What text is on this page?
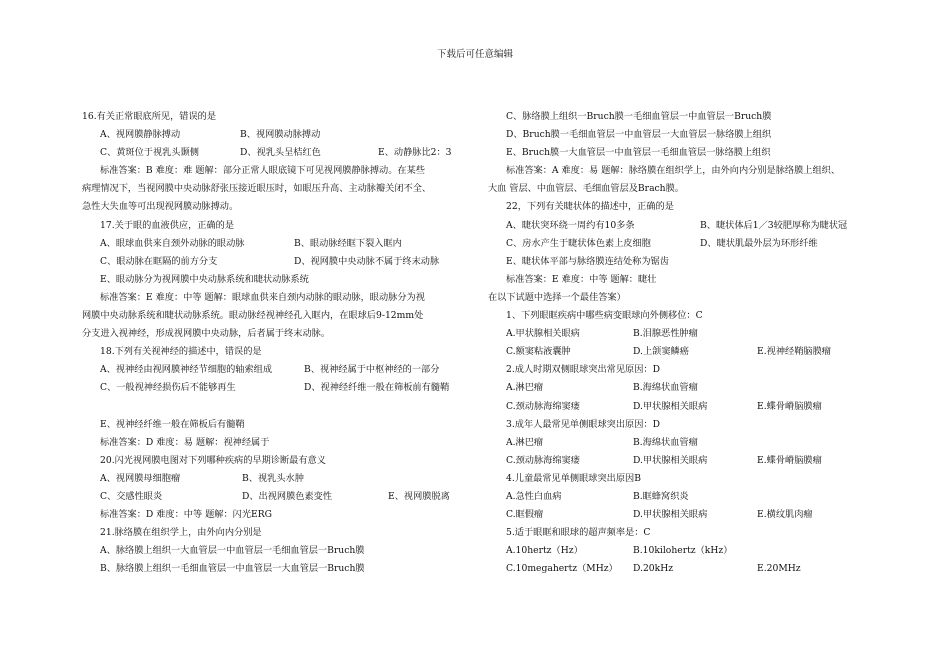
下载后可任意编辑
16.有关正常眼底所见，错误的是
A、视网膜静脉搏动	B、视网膜动脉搏动
C、黄斑位于视乳头颞侧	D、视乳头呈桔红色	E、动静脉比2：3
标准答案：B 难度：难 题解：部分正常人眼底镜下可见视网膜静脉搏动。在某些
病理情况下，当视网膜中央动脉舒张压接近眼压时，如眼压升高、主动脉瓣关闭不全、
急性大失血等可出现视网膜动脉搏动。
17.关于眼的血液供应，正确的是
A、眼球血供来自颈外动脉的眼动脉	B、眼动脉经眶下裂入眶内
C、眼动脉在眶隔的前方分支	D、视网膜中央动脉不属于终末动脉
E、眼动脉分为视网膜中央动脉系统和睫状动脉系统
标准答案：E 难度：中等 题解：眼球血供来自颈内动脉的眼动脉，眼动脉分为视
网膜中央动脉系统和睫状动脉系统。眼动脉经视神经孔入眶内，在眼球后9-12mm处
分支进入视神经，形成视网膜中央动脉，后者属于终末动脉。
18.下列有关视神经的描述中，错误的是
A、视神经由视网膜神经节细胞的轴索组成	B、视神经属于中枢神经的一部分
C、一般视神经损伤后不能够再生	D、视神经纤维一般在筛板前有髓鞘
E、视神经纤维一般在筛板后有髓鞘
标准答案：D 难度：易 题解：视神经属于
20.闪光视网膜电图对下列哪种疾病的早期诊断最有意义
A、视网膜母细胞瘤	B、视乳头水肿
C、交感性眼炎	D、出视网膜色素变性	E、视网膜脱离
标准答案：D 难度：中等 题解：闪光ERG
21.脉络膜在组织学上，由外向内分别是
A、脉络膜上组织一大血管层一中血管层一毛细血管层一Bruch膜
B、脉络膜上组织一毛细血管层一中血管层一大血管层一Bruch膜
C、脉络膜上组织一Bruch膜一毛细血管层一中血管层一Bruch膜
D、Bruch膜一毛细血管层一中血管层一大血管层一脉络膜上组织
E、Bruch膜一大血管层一中血管层一毛细血管层一脉络膜上组织
标准答案：A 难度：易 题解：脉络膜在组织学上，由外向内分别是脉络膜上组织、
大血 管层、中血管层、毛细血管层及Brach膜。
22，下列有关睫状体的描述中，正确的是
A、睫状突环绕一周约有10多条	B、睫状体后1／3较肥厚称为睫状冠
C、房水产生于睫状体色素上皮细胞	D、睫状肌最外层为环形纤维
E、睫状体平部与脉络膜连结处称为锯齿
标准答案：E 难度：中等 题解：睫壮
在以下试题中选择一个最佳答案）
1、下列眼眶疾病中哪些病变眼球向外侧移位：C
A.甲状腺相关眼病	B.泪腺恶性肿瘤
C.额窦粘液囊肿	D.上颌窦鳞癌	E.视神经鞘脑膜瘤
2.成人时期双侧眼球突出常见原因：D
A.淋巴瘤	B.海绵状血管瘤
C.颈动脉海绵窦瘘	D.甲状腺相关眼病	E.蝶骨嵴脑膜瘤
3.成年人最常见单侧眼球突出原因：D
A.淋巴瘤	B.海绵状血管瘤
C.颈动脉海绵窦瘘	D.甲状腺相关眼病	E.蝶骨嵴脑膜瘤
4.儿童最常见单侧眼球突出原因B
A.急性白血病	B.眶蜂窝织炎
C.眶假瘤	D.甲状腺相关眼病	E.横纹肌肉瘤
5.适于眼眶和眼球的超声频率是：C
A.10hertz（Hz）	B.10kilohertz（kHz）
C.10megahertz（MHz）	D.20kHz	E.20MHz
